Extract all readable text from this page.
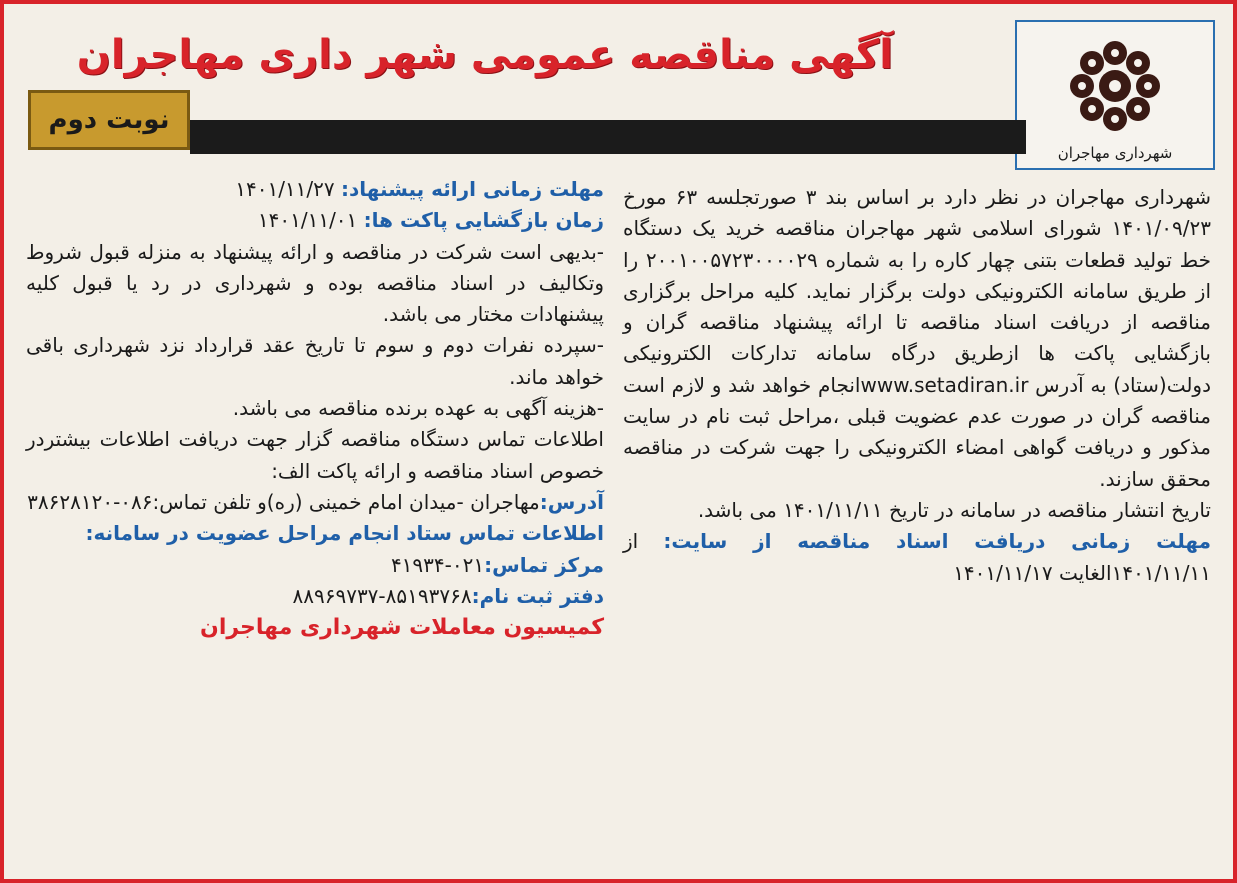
شهرداری مهاجران
آگهی مناقصه عمومی شهر داری مهاجران
نوبت دوم

شهرداری مهاجران در نظر دارد بر اساس بند ۳ صورتجلسه ۶۳ مورخ ۱۴۰۱/۰۹/۲۳ شورای اسلامی شهر مهاجران مناقصه خرید یک دستگاه خط تولید قطعات بتنی چهار کاره را به شماره ۲۰۰۱۰۰۵۷۲۳۰۰۰۰۲۹ را از طریق سامانه الکترونیکی دولت برگزار نماید. کلیه مراحل برگزاری مناقصه از دریافت اسناد مناقصه تا ارائه پیشنهاد مناقصه گران و بازگشایی پاکت ها ازطریق درگاه سامانه تدارکات الکترونیکی دولت(ستاد) به آدرس www.setadiran.irانجام خواهد شد و لازم است مناقصه گران در صورت عدم عضویت قبلی ،مراحل ثبت نام در سایت مذکور و دریافت گواهی امضاء الکترونیکی را جهت شرکت در مناقصه محقق سازند.

تاریخ انتشار مناقصه در سامانه در تاریخ ۱۴۰۱/۱۱/۱۱ می باشد.

مهلت زمانی دریافت اسناد مناقصه از سایت: از ۱۴۰۱/۱۱/۱۱الغایت ۱۴۰۱/۱۱/۱۷

مهلت زمانی ارائه پیشنهاد: ۱۴۰۱/۱۱/۲۷

زمان بازگشایی پاکت ها: ۱۴۰۱/۱۱/۰۱

-بدیهی است شرکت در مناقصه و ارائه پیشنهاد به منزله قبول شروط وتکالیف در اسناد مناقصه بوده و شهرداری در رد یا قبول کلیه پیشنهادات مختار می باشد.

-سپرده نفرات دوم و سوم تا تاریخ عقد قرارداد نزد شهرداری باقی خواهد ماند.

-هزینه آگهی به عهده برنده مناقصه می باشد.

اطلاعات تماس دستگاه مناقصه گزار جهت دریافت اطلاعات بیشتردر خصوص اسناد مناقصه و ارائه پاکت الف:

آدرس:مهاجران -میدان امام خمینی (ره)و تلفن تماس:۰۸۶-۳۸۶۲۸۱۲۰

اطلاعات تماس ستاد انجام مراحل عضویت در سامانه:

مرکز تماس:۰۲۱-۴۱۹۳۴

دفتر ثبت نام:۸۵۱۹۳۷۶۸-۸۸۹۶۹۷۳۷

کمیسیون معاملات شهرداری مهاجران
